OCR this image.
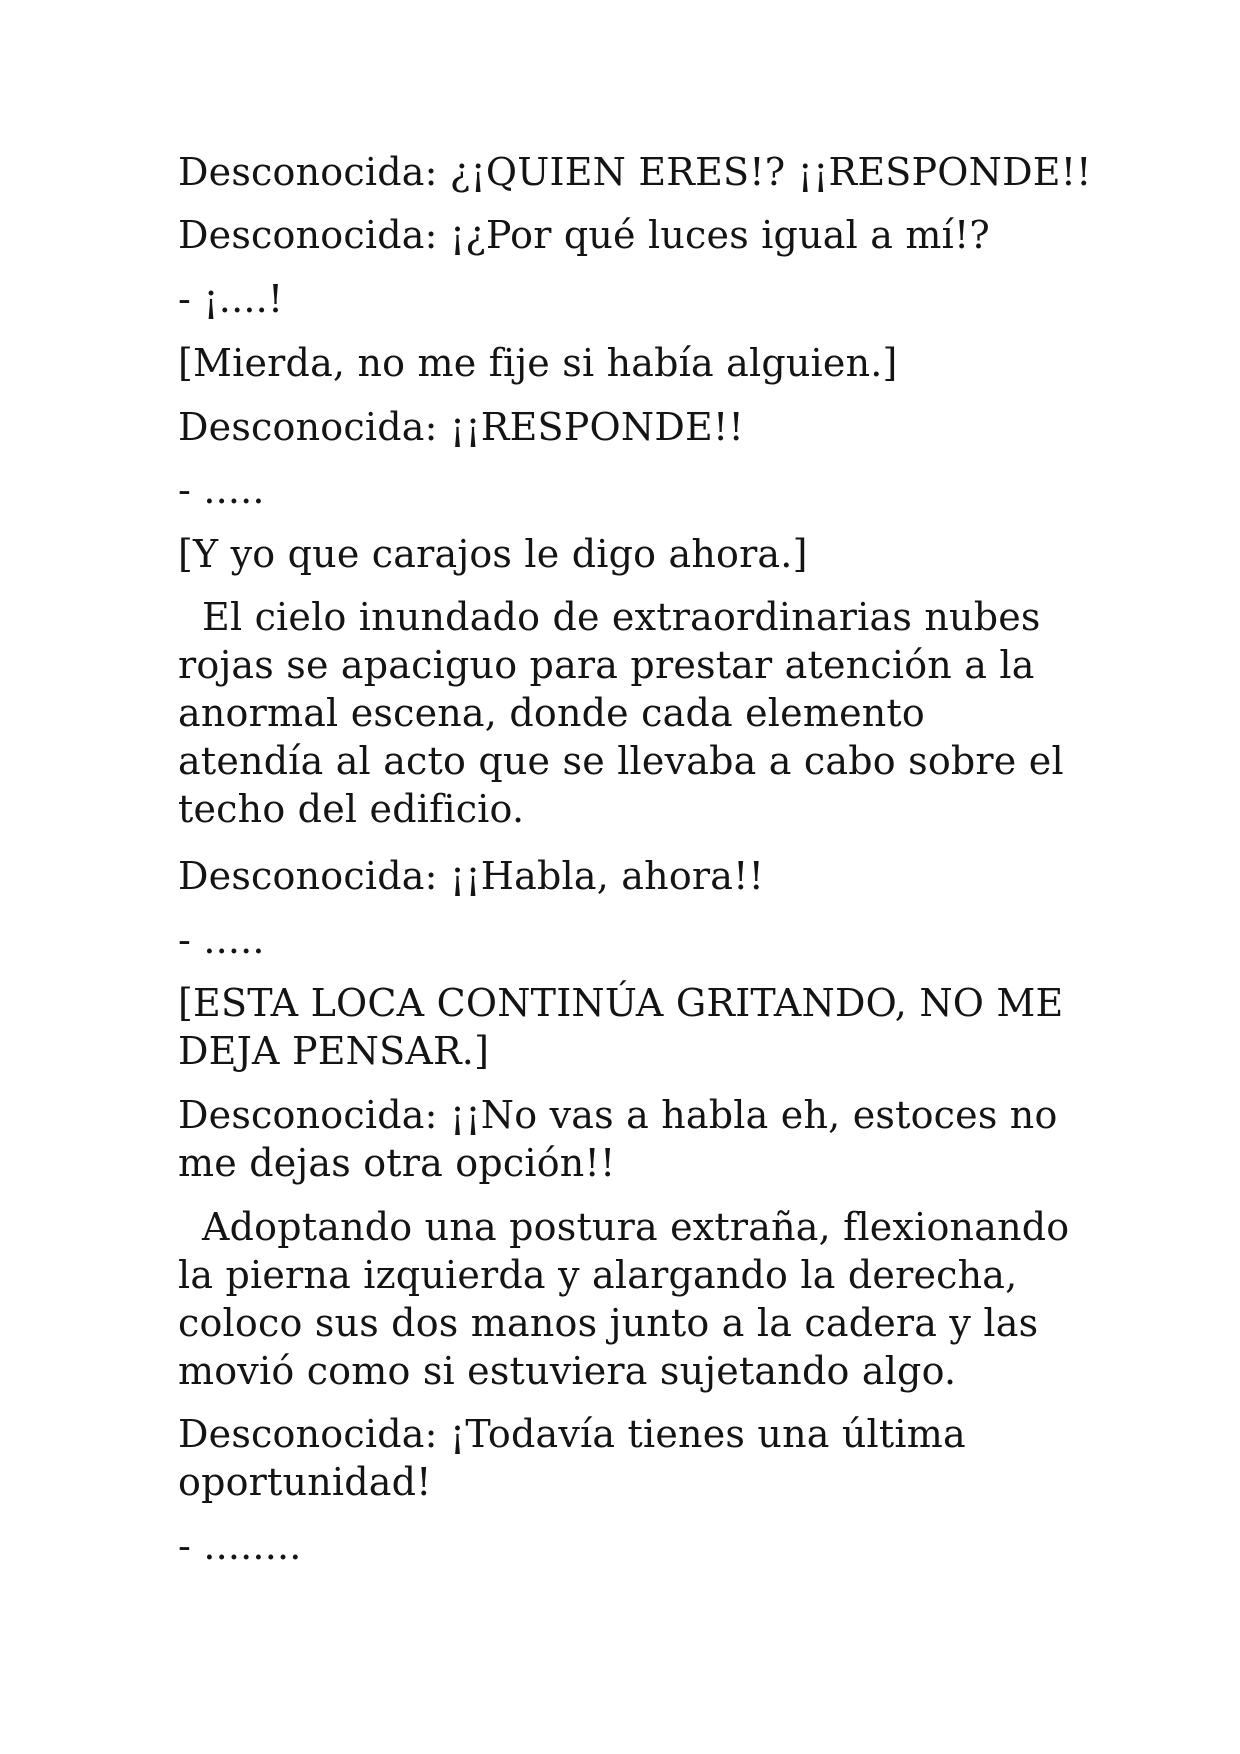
Desconocida: ¿¡QUIEN ERES!? ¡¡RESPONDE!!

Desconocida: ¡¿Por qué luces igual a mí!?

- ¡....!

[Mierda, no me fije si había alguien.]

Desconocida: ¡¡RESPONDE!!

- .....

[Y yo que carajos le digo ahora.]

El cielo inundado de extraordinarias nubes rojas se apaciguo para prestar atención a la anormal escena, donde cada elemento atendía al acto que se llevaba a cabo sobre el techo del edificio.

Desconocida: ¡¡Habla, ahora!!

- .....

[ESTA LOCA CONTINÚA GRITANDO, NO ME DEJA PENSAR.]

Desconocida: ¡¡No vas a habla eh, estoces no me dejas otra opción!!

Adoptando una postura extraña, flexionando la pierna izquierda y alargando la derecha, coloco sus dos manos junto a la cadera y las movió como si estuviera sujetando algo.

Desconocida: ¡Todavía tienes una última oportunidad!

- ........
